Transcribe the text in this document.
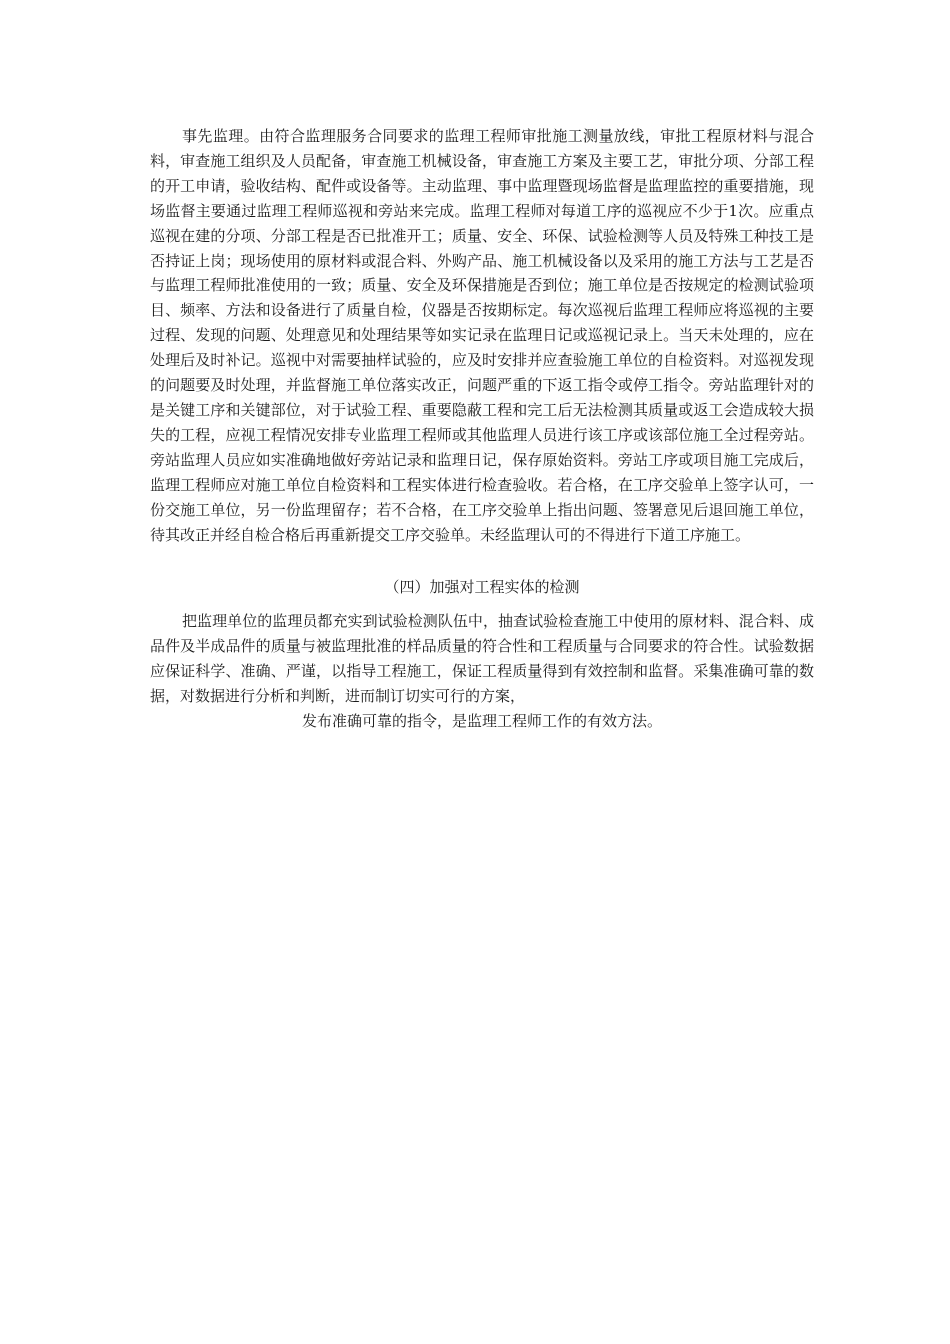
事先监理。由符合监理服务合同要求的监理工程师审批施工测量放线，审批工程原材料与混合料，审查施工组织及人员配备，审查施工机械设备，审查施工方案及主要工艺，审批分项、分部工程的开工申请，验收结构、配件或设备等。主动监理、事中监理暨现场监督是监理监控的重要措施，现场监督主要通过监理工程师巡视和旁站来完成。监理工程师对每道工序的巡视应不少于1次。应重点巡视在建的分项、分部工程是否已批准开工；质量、安全、环保、试验检测等人员及特殊工种技工是否持证上岗；现场使用的原材料或混合料、外购产品、施工机械设备以及采用的施工方法与工艺是否与监理工程师批准使用的一致；质量、安全及环保措施是否到位；施工单位是否按规定的检测试验项目、频率、方法和设备进行了质量自检，仪器是否按期标定。每次巡视后监理工程师应将巡视的主要过程、发现的问题、处理意见和处理结果等如实记录在监理日记或巡视记录上。当天未处理的，应在处理后及时补记。巡视中对需要抽样试验的，应及时安排并应查验施工单位的自检资料。对巡视发现的问题要及时处理，并监督施工单位落实改正，问题严重的下返工指令或停工指令。旁站监理针对的是关键工序和关键部位，对于试验工程、重要隐蔽工程和完工后无法检测其质量或返工会造成较大损失的工程，应视工程情况安排专业监理工程师或其他监理人员进行该工序或该部位施工全过程旁站。旁站监理人员应如实准确地做好旁站记录和监理日记，保存原始资料。旁站工序或项目施工完成后，监理工程师应对施工单位自检资料和工程实体进行检查验收。若合格，在工序交验单上签字认可，一份交施工单位，另一份监理留存；若不合格，在工序交验单上指出问题、签署意见后退回施工单位，待其改正并经自检合格后再重新提交工序交验单。未经监理认可的不得进行下道工序施工。

（四）加强对工程实体的检测

把监理单位的监理员都充实到试验检测队伍中，抽查试验检查施工中使用的原材料、混合料、成品件及半成品件的质量与被监理批准的样品质量的符合性和工程质量与合同要求的符合性。试验数据应保证科学、准确、严谨，以指导工程施工，保证工程质量得到有效控制和监督。采集准确可靠的数据，对数据进行分析和判断，进而制订切实可行的方案，

发布准确可靠的指令，是监理工程师工作的有效方法。
